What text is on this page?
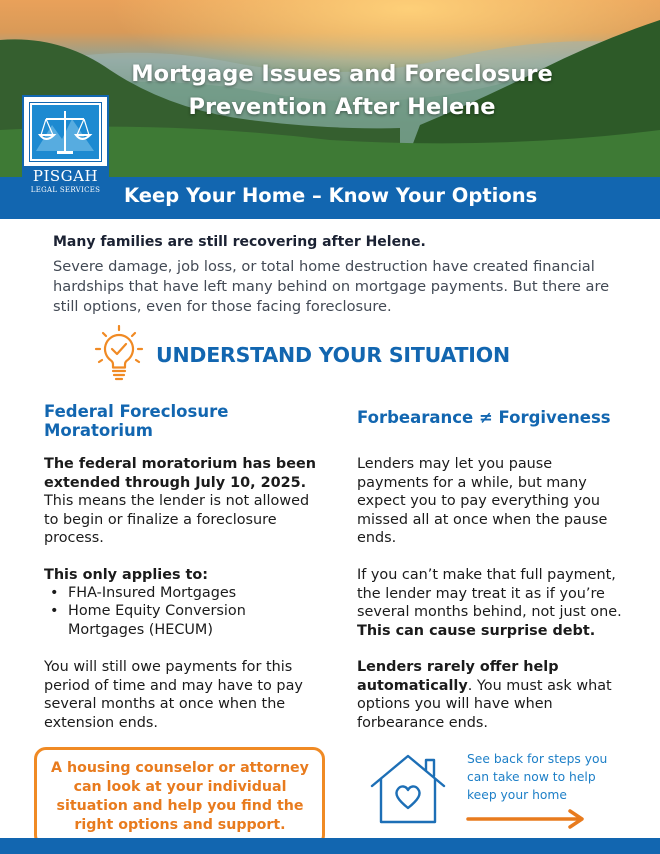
Mortgage Issues and Foreclosure Prevention After Helene
Keep Your Home – Know Your Options
PISGAH
LEGAL SERVICES
Many families are still recovering after Helene.
Severe damage, job loss, or total home destruction have created financial hardships that have left many behind on mortgage payments. But there are still options, even for those facing foreclosure.
UNDERSTAND YOUR SITUATION
Federal Foreclosure Moratorium
The federal moratorium has been extended through July 10, 2025. This means the lender is not allowed to begin or finalize a foreclosure process.
This only applies to:
• FHA-Insured Mortgages
• Home Equity Conversion Mortgages (HECUM)
You will still owe payments for this period of time and may have to pay several months at once when the extension ends.
Forbearance ≠ Forgiveness
Lenders may let you pause payments for a while, but many expect you to pay everything you missed all at once when the pause ends.
If you can’t make that full payment, the lender may treat it as if you’re several months behind, not just one. This can cause surprise debt.
Lenders rarely offer help automatically. You must ask what options you will have when forbearance ends.
A housing counselor or attorney can look at your individual situation and help you find the right options and support.
See back for steps you can take now to help keep your home
